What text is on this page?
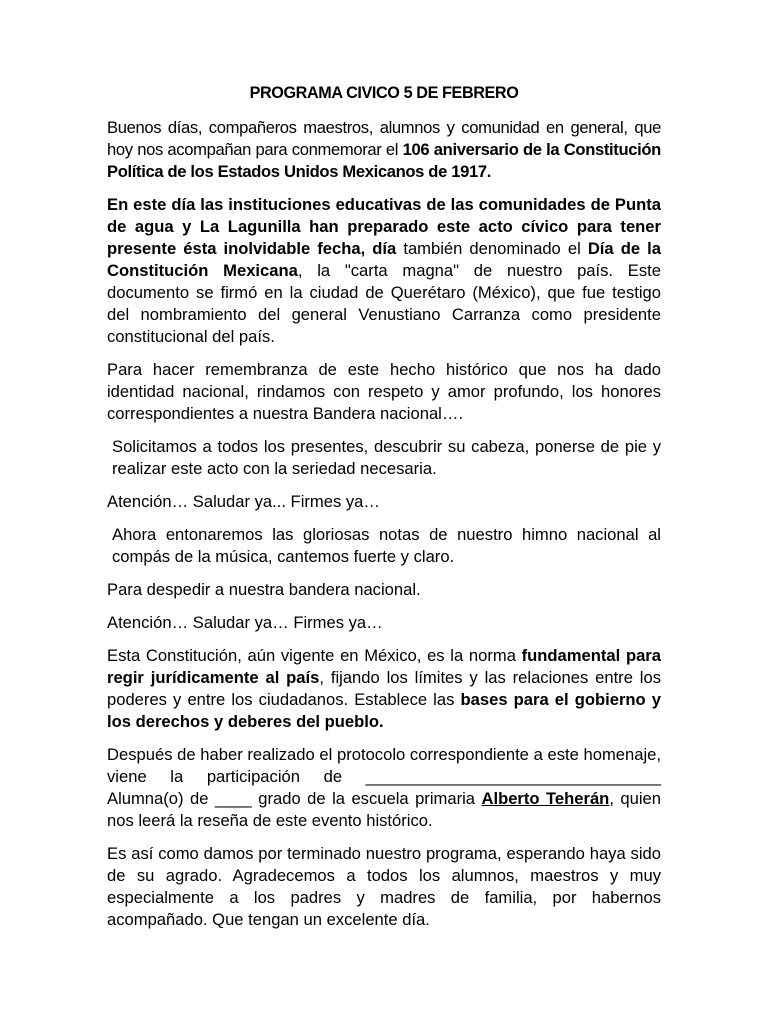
PROGRAMA CIVICO 5 DE FEBRERO

Buenos días, compañeros maestros, alumnos y comunidad en general, que hoy nos acompañan para conmemorar el 106 aniversario de la Constitución Política de los Estados Unidos Mexicanos de 1917.

En este día las instituciones educativas de las comunidades de Punta de agua y La Lagunilla han preparado este acto cívico para tener presente ésta inolvidable fecha, día también denominado el Día de la Constitución Mexicana, la "carta magna" de nuestro país. Este documento se firmó en la ciudad de Querétaro (México), que fue testigo del nombramiento del general Venustiano Carranza como presidente constitucional del país.

Para hacer remembranza de este hecho histórico que nos ha dado identidad nacional, rindamos con respeto y amor profundo, los honores correspondientes a nuestra Bandera nacional….

Solicitamos a todos los presentes, descubrir su cabeza, ponerse de pie y realizar este acto con la seriedad necesaria.

Atención… Saludar ya... Firmes ya…

Ahora entonaremos las gloriosas notas de nuestro himno nacional al compás de la música, cantemos fuerte y claro.

Para despedir a nuestra bandera nacional.

Atención… Saludar ya… Firmes ya…

Esta Constitución, aún vigente en México, es la norma fundamental para regir jurídicamente al país, fijando los límites y las relaciones entre los poderes y entre los ciudadanos. Establece las bases para el gobierno y los derechos y deberes del pueblo.

Después de haber realizado el protocolo correspondiente a este homenaje, viene la participación de ________________________________ Alumna(o) de ____ grado de la escuela primaria Alberto Teherán, quien nos leerá la reseña de este evento histórico.

Es así como damos por terminado nuestro programa, esperando haya sido de su agrado. Agradecemos a todos los alumnos, maestros y muy especialmente a los padres y madres de familia, por habernos acompañado. Que tengan un excelente día.
